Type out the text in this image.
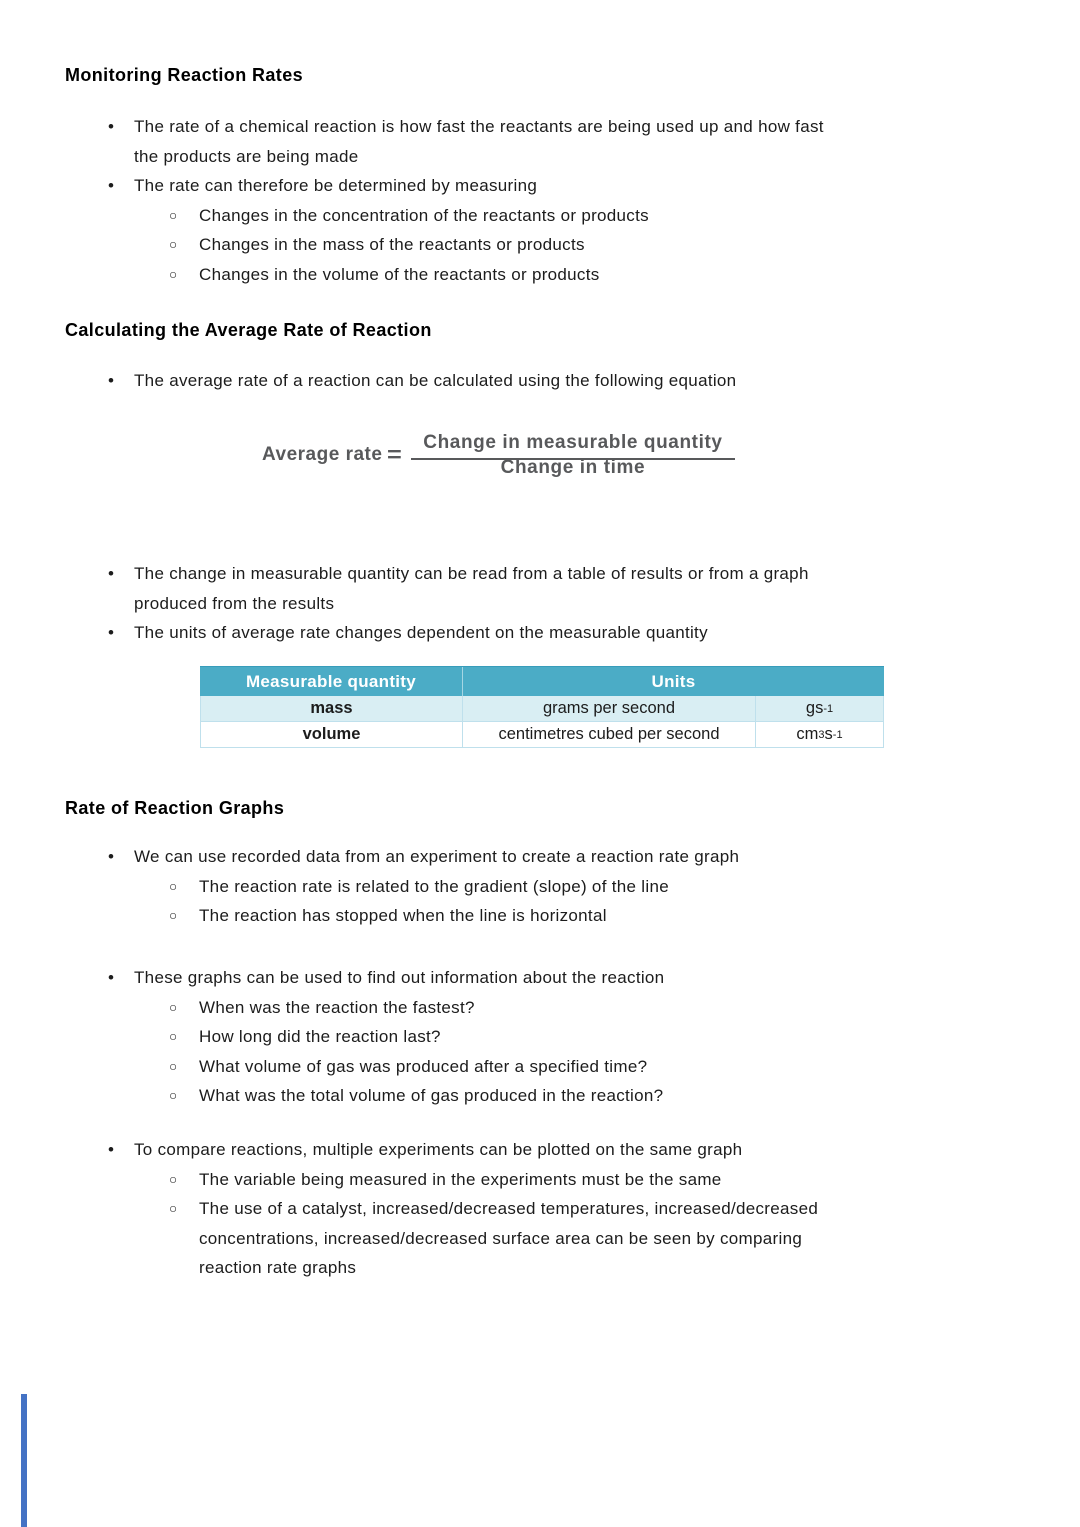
Monitoring Reaction Rates
Calculating the Average Rate of Reaction
Rate of Reaction Graphs
• The rate of a chemical reaction is how fast the reactants are being used up and how fast
the products are being made
• The rate can therefore be determined by measuring
○ Changes in the concentration of the reactants or products
○ Changes in the mass of the reactants or products
○ Changes in the volume of the reactants or products
• The average rate of a reaction can be calculated using the following equation
• The change in measurable quantity can be read from a table of results or from a graph
produced from the results
• The units of average rate changes dependent on the measurable quantity
• We can use recorded data from an experiment to create a reaction rate graph
○ The reaction rate is related to the gradient (slope) of the line
○ The reaction has stopped when the line is horizontal
• These graphs can be used to find out information about the reaction
○ When was the reaction the fastest?
○ How long did the reaction last?
○ What volume of gas was produced after a specified time?
○ What was the total volume of gas produced in the reaction?
• To compare reactions, multiple experiments can be plotted on the same graph
○ The variable being measured in the experiments must be the same
○ The use of a catalyst, increased/decreased temperatures, increased/decreased
concentrations, increased/decreased surface area can be seen by comparing
reaction rate graphs
Average rate =	Change in measurable quantity
Change in time
Measurable quantity	Units
mass	grams per second	gs -1
volume	centimetres cubed per second	cm 3 s -1
